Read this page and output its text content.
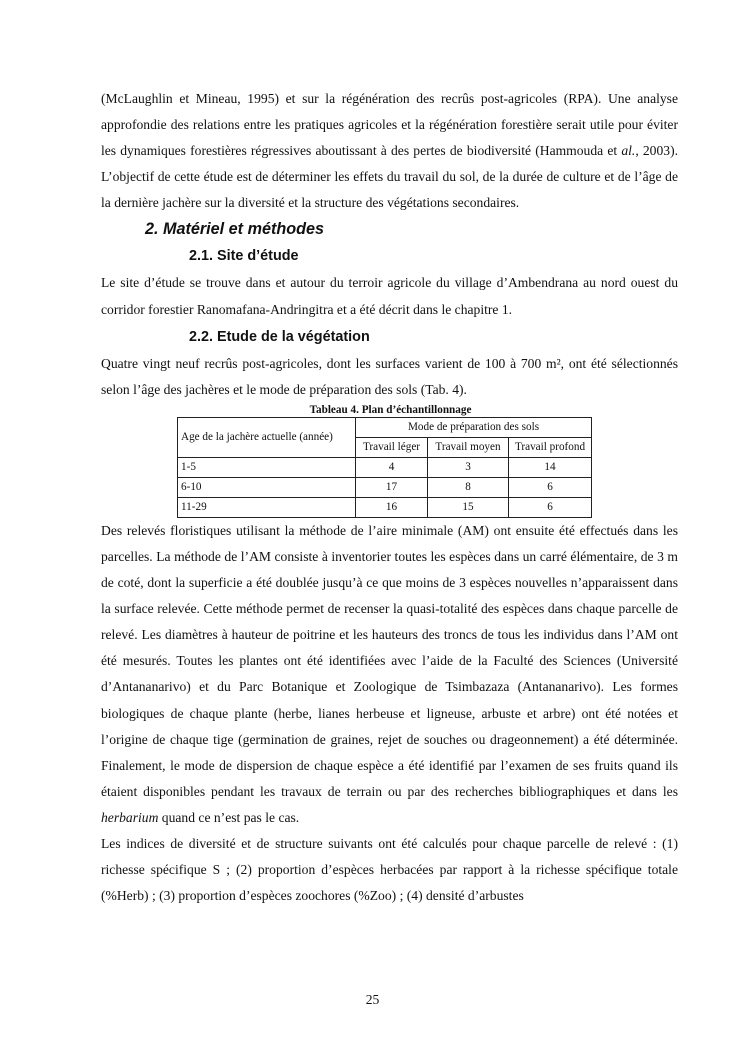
(McLaughlin et Mineau, 1995) et sur la régénération des recrûs post-agricoles (RPA). Une analyse approfondie des relations entre les pratiques agricoles et la régénération forestière serait utile pour éviter les dynamiques forestières régressives aboutissant à des pertes de biodiversité (Hammouda et al., 2003). L’objectif de cette étude est de déterminer les effets du travail du sol, de la durée de culture et de l’âge de la dernière jachère sur la diversité et la structure des végétations secondaires.

2. Matériel et méthodes

2.1. Site d’étude

Le site d’étude se trouve dans et autour du terroir agricole du village d’Ambendrana au nord ouest du corridor forestier Ranomafana-Andringitra et a été décrit dans le chapitre 1.

2.2. Etude de la végétation

Quatre vingt neuf recrûs post-agricoles, dont les surfaces varient de 100 à 700 m², ont été sélectionnés selon l’âge des jachères et le mode de préparation des sols (Tab. 4).

Tableau 4. Plan d’échantillonnage

Age de la jachère actuelle (année)	Mode de préparation des sols		
	Travail léger	Travail moyen	Travail profond
1-5	4	3	14
6-10	17	8	6
11-29	16	15	6

Des relevés floristiques utilisant la méthode de l’aire minimale (AM) ont ensuite été effectués dans les parcelles. La méthode de l’AM consiste à inventorier toutes les espèces dans un carré élémentaire, de 3 m de coté, dont la superficie a été doublée jusqu’à ce que moins de 3 espèces nouvelles n’apparaissent dans la surface relevée. Cette méthode permet de recenser la quasi-totalité des espèces dans chaque parcelle de relevé. Les diamètres à hauteur de poitrine et les hauteurs des troncs de tous les individus dans l’AM ont été mesurés. Toutes les plantes ont été identifiées avec l’aide de la Faculté des Sciences (Université d’Antananarivo) et du Parc Botanique et Zoologique de Tsimbazaza (Antananarivo). Les formes biologiques de chaque plante (herbe, lianes herbeuse et ligneuse, arbuste et arbre) ont été notées et l’origine de chaque tige (germination de graines, rejet de souches ou drageonnement) a été déterminée. Finalement, le mode de dispersion de chaque espèce a été identifié par l’examen de ses fruits quand ils étaient disponibles pendant les travaux de terrain ou par des recherches bibliographiques et dans les herbarium quand ce n’est pas le cas.

Les indices de diversité et de structure suivants ont été calculés pour chaque parcelle de relevé : (1) richesse spécifique S ; (2) proportion d’espèces herbacées par rapport à la richesse spécifique totale (%Herb) ; (3) proportion d’espèces zoochores (%Zoo) ; (4) densité d’arbustes

25
